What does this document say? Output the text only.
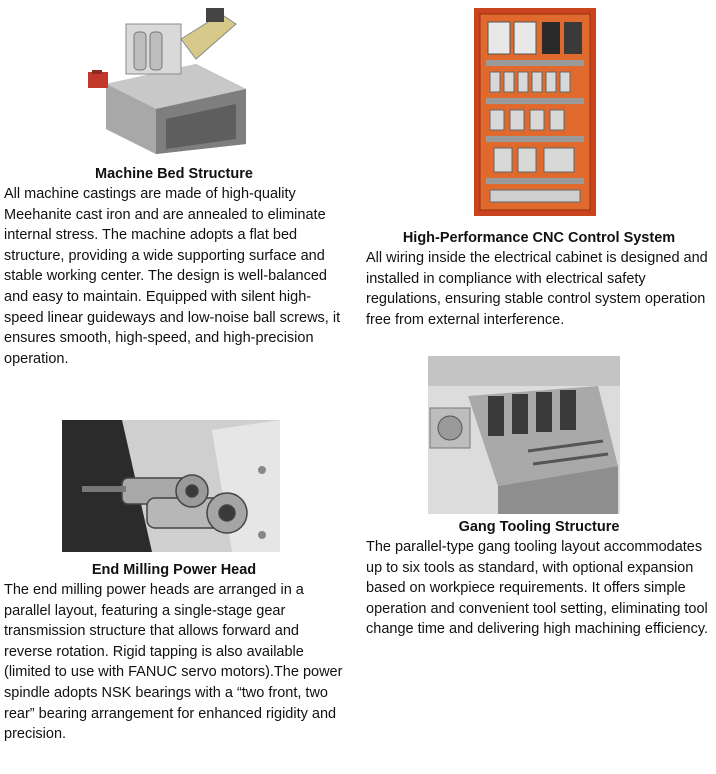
Machine Bed Structure
All machine castings are made of high-quality Meehanite cast iron and are annealed to eliminate internal stress. The machine adopts a flat bed structure, providing a wide supporting surface and stable working center. The design is well-balanced and easy to maintain. Equipped with silent high-speed linear guideways and low-noise ball screws, it ensures smooth, high-speed, and high-precision operation.
High-Performance CNC Control System
All wiring inside the electrical cabinet is designed and installed in compliance with electrical safety regulations, ensuring stable control system operation free from external interference.
Gang Tooling Structure
The parallel-type gang tooling layout accommodates up to six tools as standard, with optional expansion based on workpiece requirements. It offers simple operation and convenient tool setting, eliminating tool change time and delivering high machining efficiency.
End Milling Power Head
The end milling power heads are arranged in a parallel layout, featuring a single-stage gear transmission structure that allows forward and reverse rotation. Rigid tapping is also available (limited to use with FANUC servo motors).The power spindle adopts NSK bearings with a “two front, two rear” bearing arrangement for enhanced rigidity and precision.
